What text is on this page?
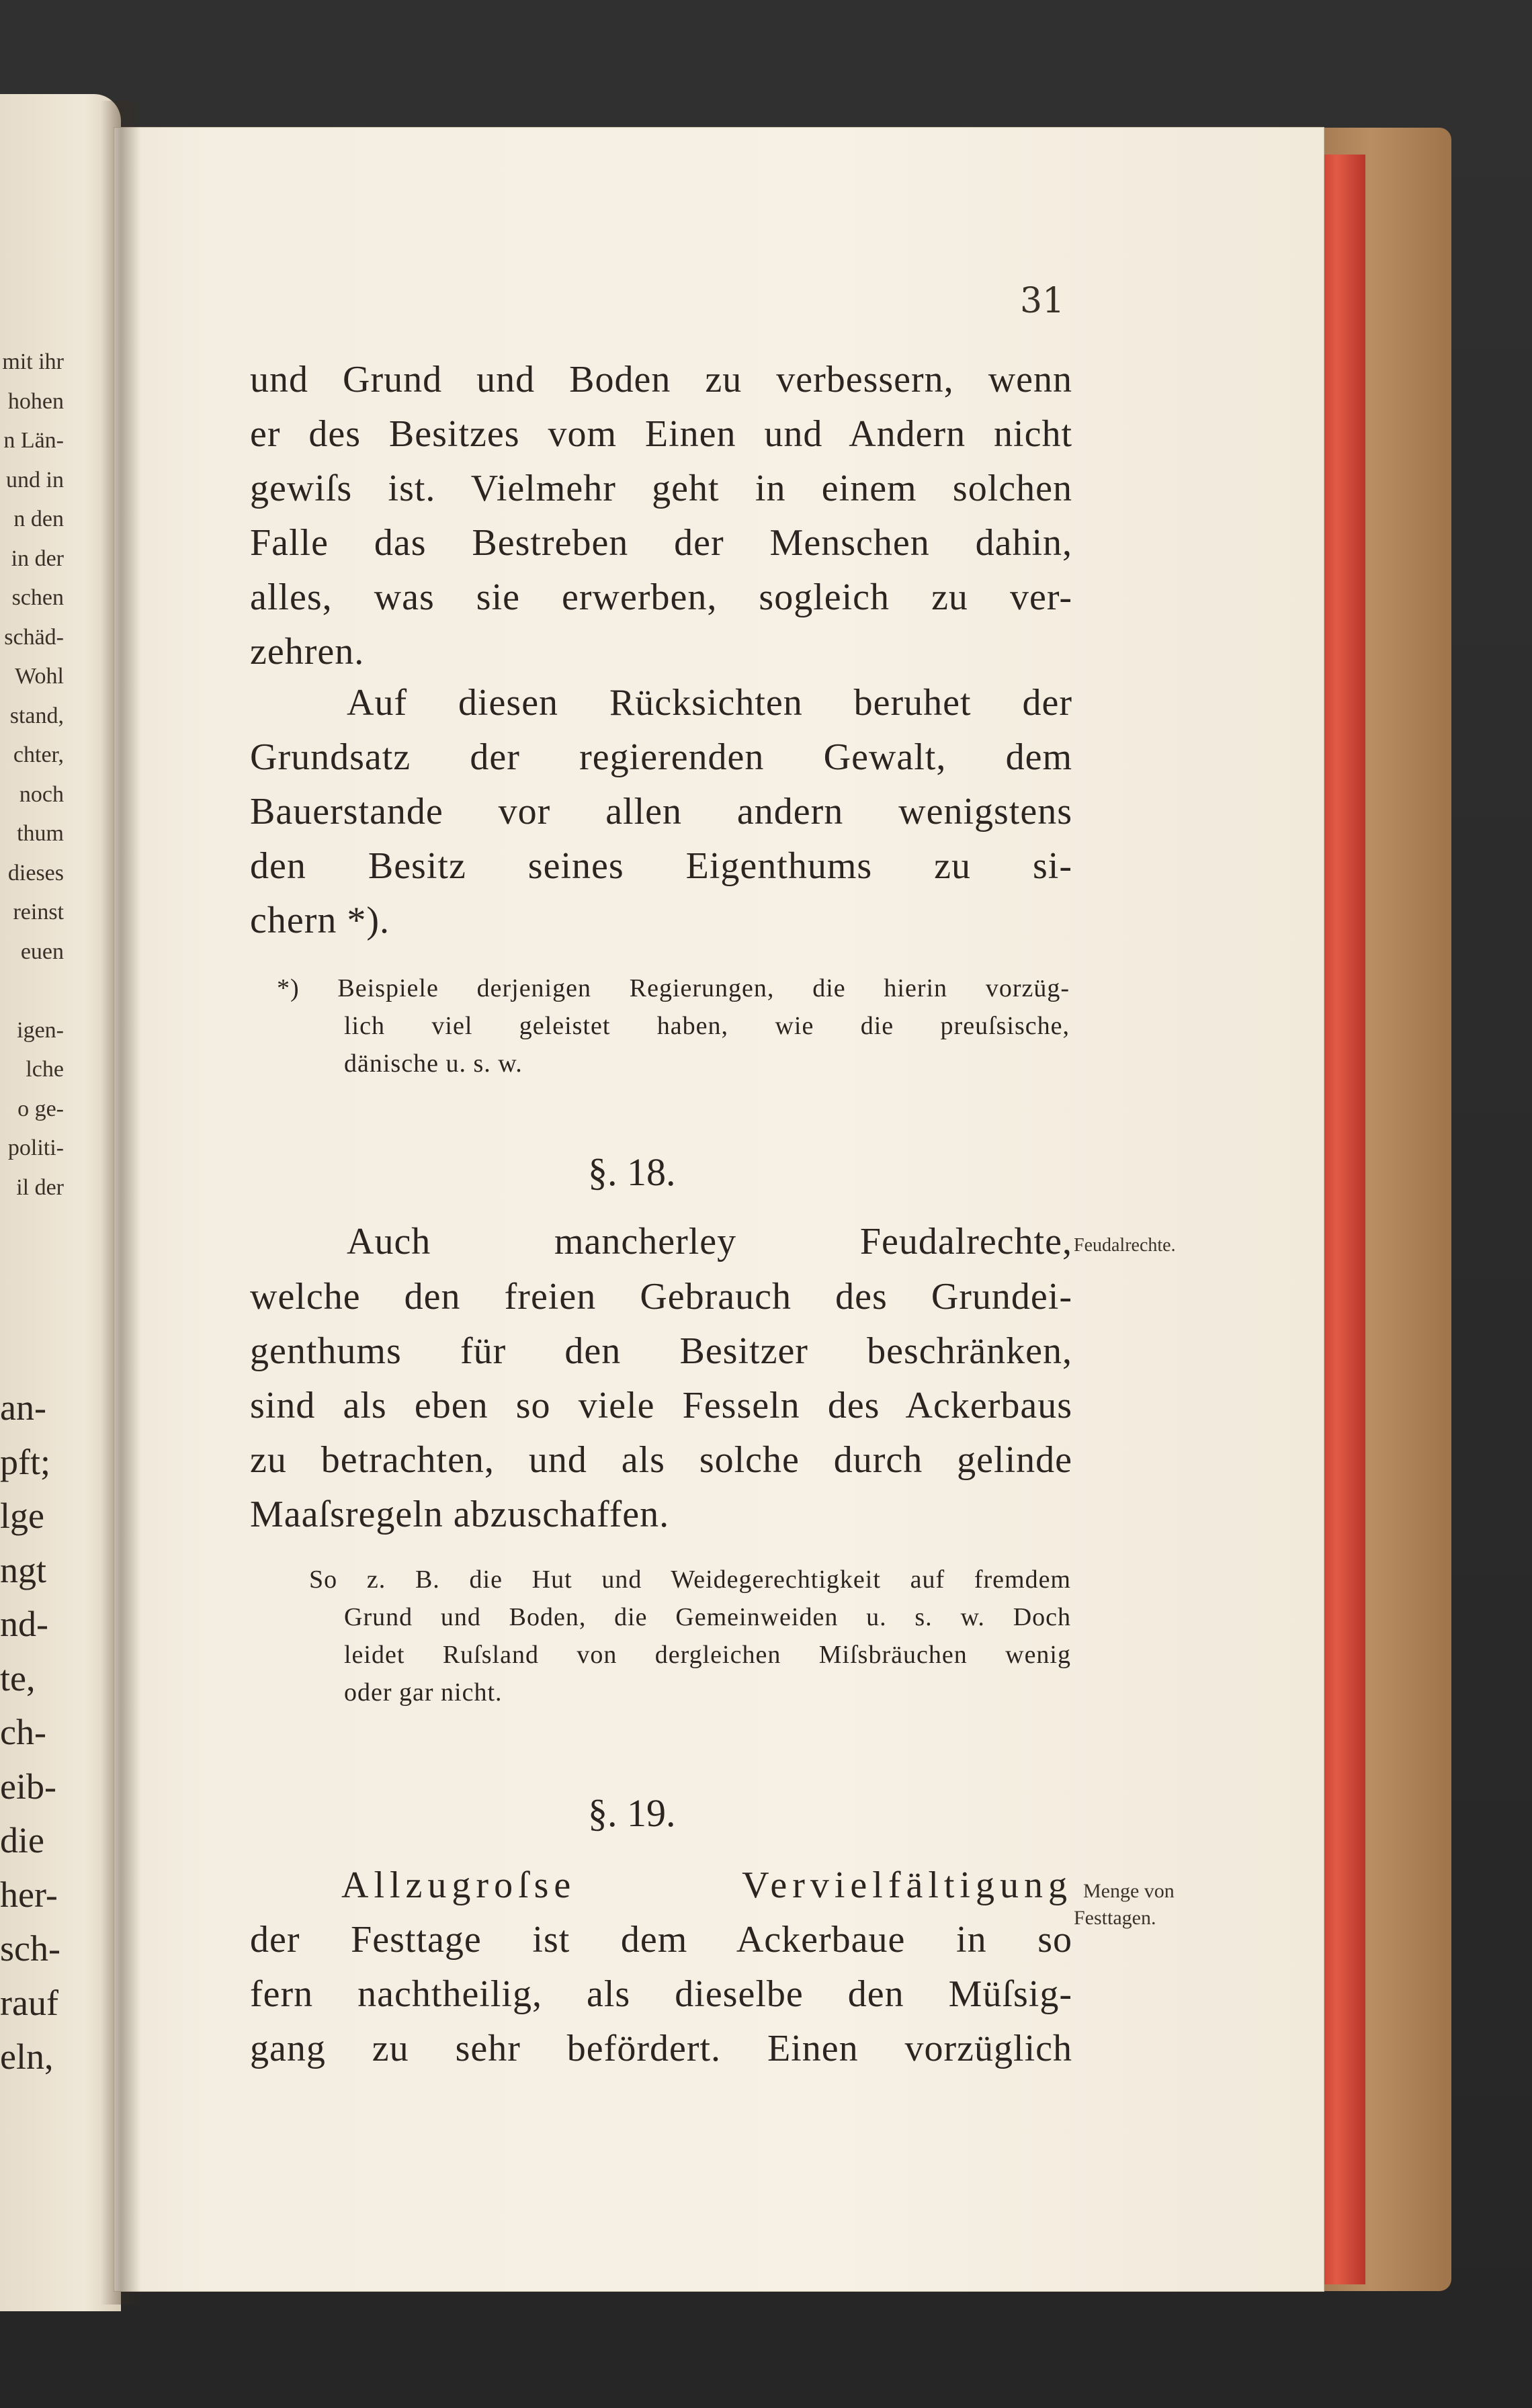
mit ihr
hohen
n Län-
und in
n den
in der
schen
schäd-
Wohl
stand,
chter,
noch
thum
dieses
reinst
euen

igen-
lche
o ge-
politi-
il der
an-
pft;
lge
ngt
nd-
te,
ch-
eib-
die
her-
sch-
rauf
eln,
31
und Grund und Boden zu verbessern, wenn
er des Besitzes vom Einen und Andern nicht
gewiſs ist. Vielmehr geht in einem solchen
Falle das Bestreben der Menschen dahin,
alles, was sie erwerben, sogleich zu ver-
zehren.
Auf diesen Rücksichten beruhet der
Grundsatz der regierenden Gewalt, dem
Bauerstande vor allen andern wenigstens
den Besitz seines Eigenthums zu si-
chern *).
*) Beispiele derjenigen Regierungen, die hierin vorzüg-
lich viel geleistet haben, wie die preuſsische,
dänische u. s. w.
§. 18.
Auch mancherley Feudalrechte, Feudalrechte.
welche den freien Gebrauch des Grundei-
genthums für den Besitzer beschränken,
sind als eben so viele Fesseln des Ackerbaus
zu betrachten, und als solche durch gelinde
Maaſsregeln abzuschaffen.
So z. B. die Hut und Weidegerechtigkeit auf fremdem
Grund und Boden, die Gemeinweiden u. s. w. Doch
leidet Ruſsland von dergleichen Miſsbräuchen wenig
oder gar nicht.
§. 19.
Allzugroſse Vervielfältigung Menge von
Festtagen.
der Festtage ist dem Ackerbaue in so
fern nachtheilig, als dieselbe den Müſsig-
gang zu sehr befördert. Einen vorzüglich
